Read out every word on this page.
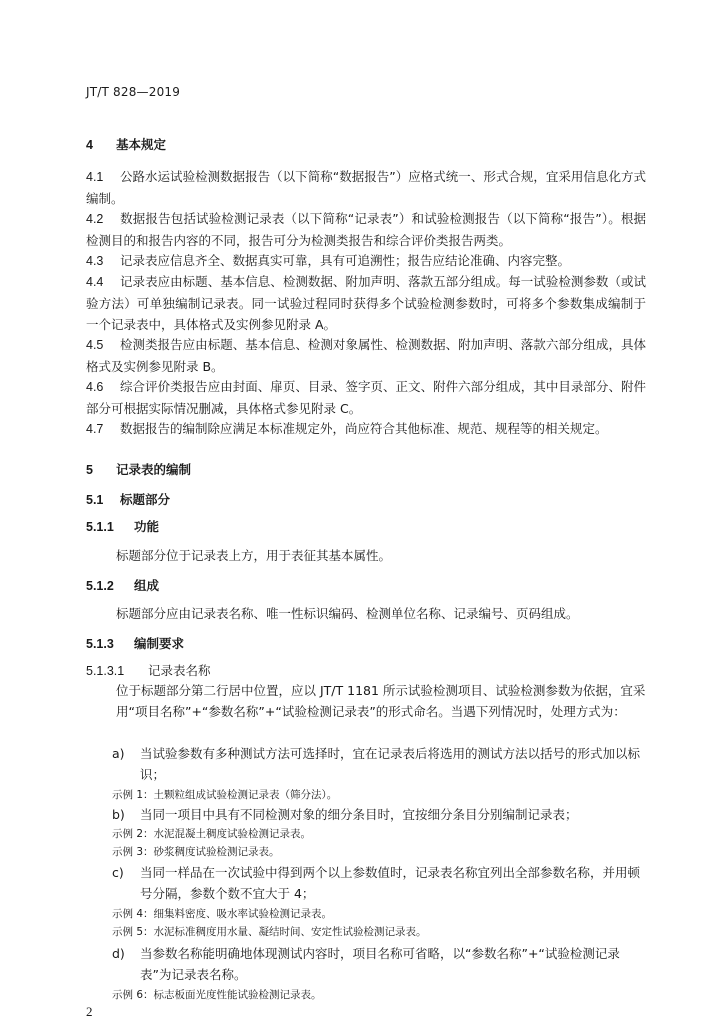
JT/T 828—2019
4 基本规定
4.1 公路水运试验检测数据报告（以下简称“数据报告”）应格式统一、形式合规，宜采用信息化方式编制。
4.2 数据报告包括试验检测记录表（以下简称“记录表”）和试验检测报告（以下简称“报告”）。根据检测目的和报告内容的不同，报告可分为检测类报告和综合评价类报告两类。
4.3 记录表应信息齐全、数据真实可靠，具有可追溯性；报告应结论准确、内容完整。
4.4 记录表应由标题、基本信息、检测数据、附加声明、落款五部分组成。每一试验检测参数（或试验方法）可单独编制记录表。同一试验过程同时获得多个试验检测参数时，可将多个参数集成编制于一个记录表中，具体格式及实例参见附录 A。
4.5 检测类报告应由标题、基本信息、检测对象属性、检测数据、附加声明、落款六部分组成，具体格式及实例参见附录 B。
4.6 综合评价类报告应由封面、扉页、目录、签字页、正文、附件六部分组成，其中目录部分、附件部分可根据实际情况删减，具体格式参见附录 C。
4.7 数据报告的编制除应满足本标准规定外，尚应符合其他标准、规范、规程等的相关规定。
5 记录表的编制
5.1 标题部分
5.1.1 功能
标题部分位于记录表上方，用于表征其基本属性。
5.1.2 组成
标题部分应由记录表名称、唯一性标识编码、检测单位名称、记录编号、页码组成。
5.1.3 编制要求
5.1.3.1 记录表名称
位于标题部分第二行居中位置，应以 JT/T 1181 所示试验检测项目、试验检测参数为依据，宜采用“项目名称”+“参数名称”+“试验检测记录表”的形式命名。当遇下列情况时，处理方式为：
a) 当试验参数有多种测试方法可选择时，宜在记录表后将选用的测试方法以括号的形式加以标识；
示例 1：土颗粒组成试验检测记录表（筛分法）。
b) 当同一项目中具有不同检测对象的细分条目时，宜按细分条目分别编制记录表；
示例 2：水泥混凝土稠度试验检测记录表。
示例 3：砂浆稠度试验检测记录表。
c) 当同一样品在一次试验中得到两个以上参数值时，记录表名称宜列出全部参数名称，并用顿号分隔，参数个数不宜大于 4；
示例 4：细集料密度、吸水率试验检测记录表。
示例 5：水泥标准稠度用水量、凝结时间、安定性试验检测记录表。
d) 当参数名称能明确地体现测试内容时，项目名称可省略，以“参数名称”+“试验检测记录表”为记录表名称。
示例 6：标志板面光度性能试验检测记录表。
2
